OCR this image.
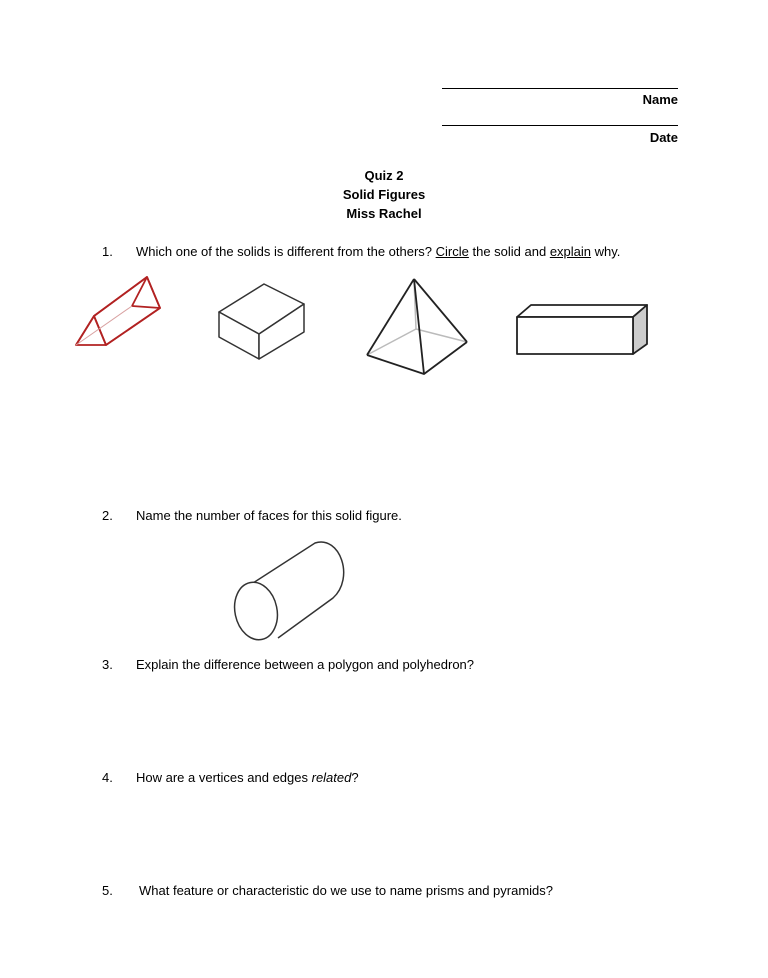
Name
Date
Quiz 2
Solid Figures
Miss Rachel
1. Which one of the solids is different from the others? Circle the solid and explain why.
2. Name the number of faces for this solid figure.
3. Explain the difference between a polygon and polyhedron?
4. How are a vertices and edges related?
5. What feature or characteristic do we use to name prisms and pyramids?
